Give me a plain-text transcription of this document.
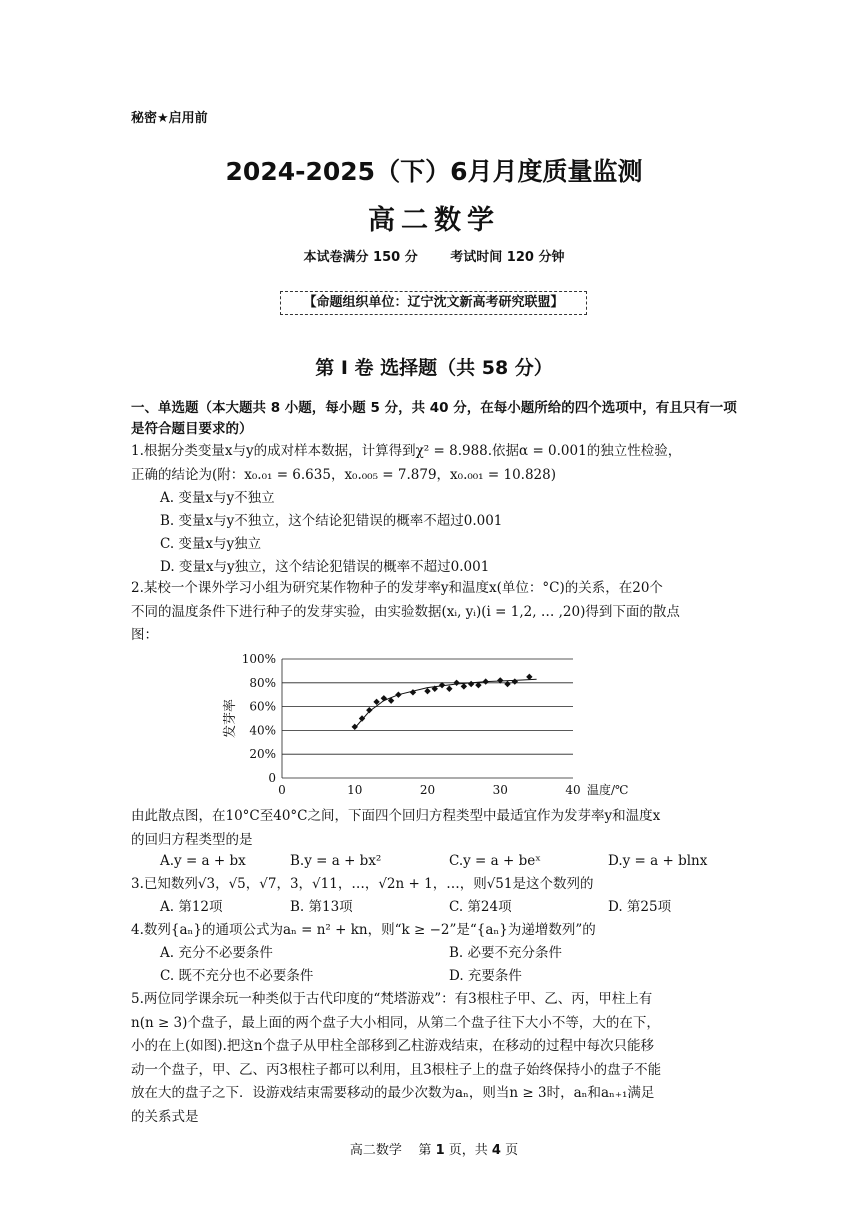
秘密★启用前
2024-2025（下）6月月度质量监测
高二数学
本试卷满分 150 分	考试时间 120 分钟
【命题组织单位：辽宁沈文新高考研究联盟】
第 I 卷 选择题（共 58 分）
一、单选题（本大题共 8 小题，每小题 5 分，共 40 分，在每小题所给的四个选项中，有且只有一项是符合题目要求的）
1.根据分类变量x与y的成对样本数据，计算得到χ² = 8.988.依据α = 0.001的独立性检验，
正确的结论为(附：x₀.₀₁ = 6.635，x₀.₀₀₅ = 7.879，x₀.₀₀₁ = 10.828)
A. 变量x与y不独立
B. 变量x与y不独立，这个结论犯错误的概率不超过0.001
C. 变量x与y独立
D. 变量x与y独立，这个结论犯错误的概率不超过0.001
2.某校一个课外学习小组为研究某作物种子的发芽率y和温度x(单位：°C)的关系，在20个
不同的温度条件下进行种子的发芽实验，由实验数据(xᵢ, yᵢ)(i = 1,2, … ,20)得到下面的散点
图：
0
20%
40%
60%
80%
100%
0	10	20	30	40
发芽率
温度/℃
由此散点图，在10°C至40°C之间，下面四个回归方程类型中最适宜作为发芽率y和温度x
的回归方程类型的是
A.y = a + bx	B.y = a + bx²	C.y = a + beˣ	D.y = a + blnx
3.已知数列√3，√5，√7，3，√11，…，√2n + 1，…，则√51是这个数列的
A. 第12项	B. 第13项	C. 第24项	D. 第25项
4.数列{aₙ}的通项公式为aₙ = n² + kn，则“k ≥ −2”是“{aₙ}为递增数列”的
A. 充分不必要条件	B. 必要不充分条件
C. 既不充分也不必要条件	D. 充要条件
5.两位同学课余玩一种类似于古代印度的“梵塔游戏”：有3根柱子甲、乙、丙，甲柱上有
n(n ≥ 3)个盘子，最上面的两个盘子大小相同，从第二个盘子往下大小不等，大的在下，
小的在上(如图).把这n个盘子从甲柱全部移到乙柱游戏结束，在移动的过程中每次只能移
动一个盘子，甲、乙、丙3根柱子都可以利用，且3根柱子上的盘子始终保持小的盘子不能
放在大的盘子之下．设游戏结束需要移动的最少次数为aₙ，则当n ≥ 3时，aₙ和aₙ₊₁满足
的关系式是
高二数学 第 1 页，共 4 页
